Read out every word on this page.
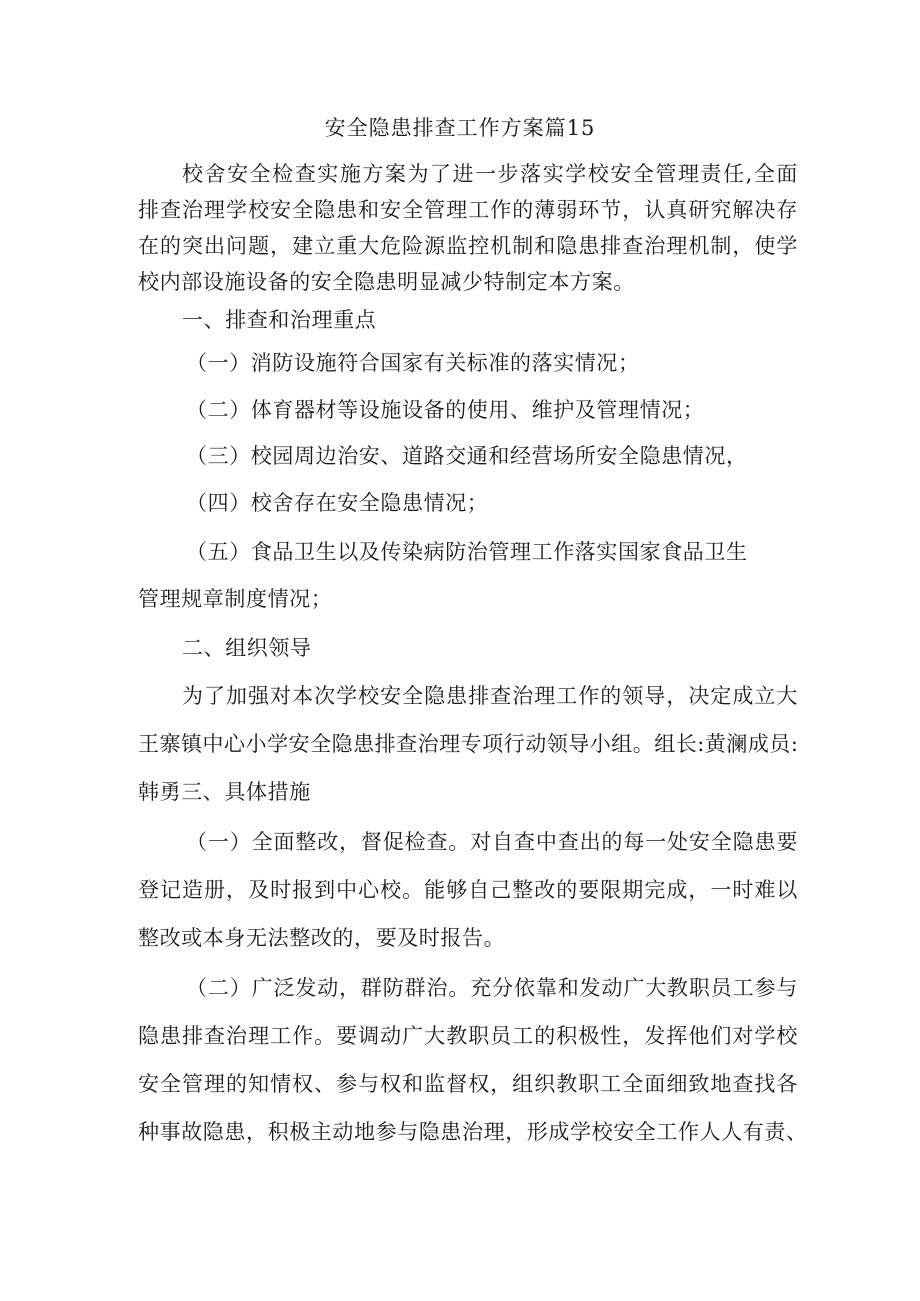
安全隐患排查工作方案篇15
校舍安全检查实施方案为了进一步落实学校安全管理责任,全面
排查治理学校安全隐患和安全管理工作的薄弱环节，认真研究解决存
在的突出问题，建立重大危险源监控机制和隐患排查治理机制，使学
校内部设施设备的安全隐患明显减少特制定本方案。
一、排查和治理重点
（一）消防设施符合国家有关标准的落实情况；
（二）体育器材等设施设备的使用、维护及管理情况；
（三）校园周边治安、道路交通和经营场所安全隐患情况，
（四）校舍存在安全隐患情况；
（五）食品卫生以及传染病防治管理工作落实国家食品卫生
管理规章制度情况；
二、组织领导
为了加强对本次学校安全隐患排查治理工作的领导，决定成立大
王寨镇中心小学安全隐患排查治理专项行动领导小组。组长:黄澜成员:
韩勇三、具体措施
（一）全面整改，督促检查。对自查中查出的每一处安全隐患要
登记造册，及时报到中心校。能够自己整改的要限期完成，一时难以
整改或本身无法整改的，要及时报告。
（二）广泛发动，群防群治。充分依靠和发动广大教职员工参与
隐患排查治理工作。要调动广大教职员工的积极性，发挥他们对学校
安全管理的知情权、参与权和监督权，组织教职工全面细致地查找各
种事故隐患，积极主动地参与隐患治理，形成学校安全工作人人有责、
